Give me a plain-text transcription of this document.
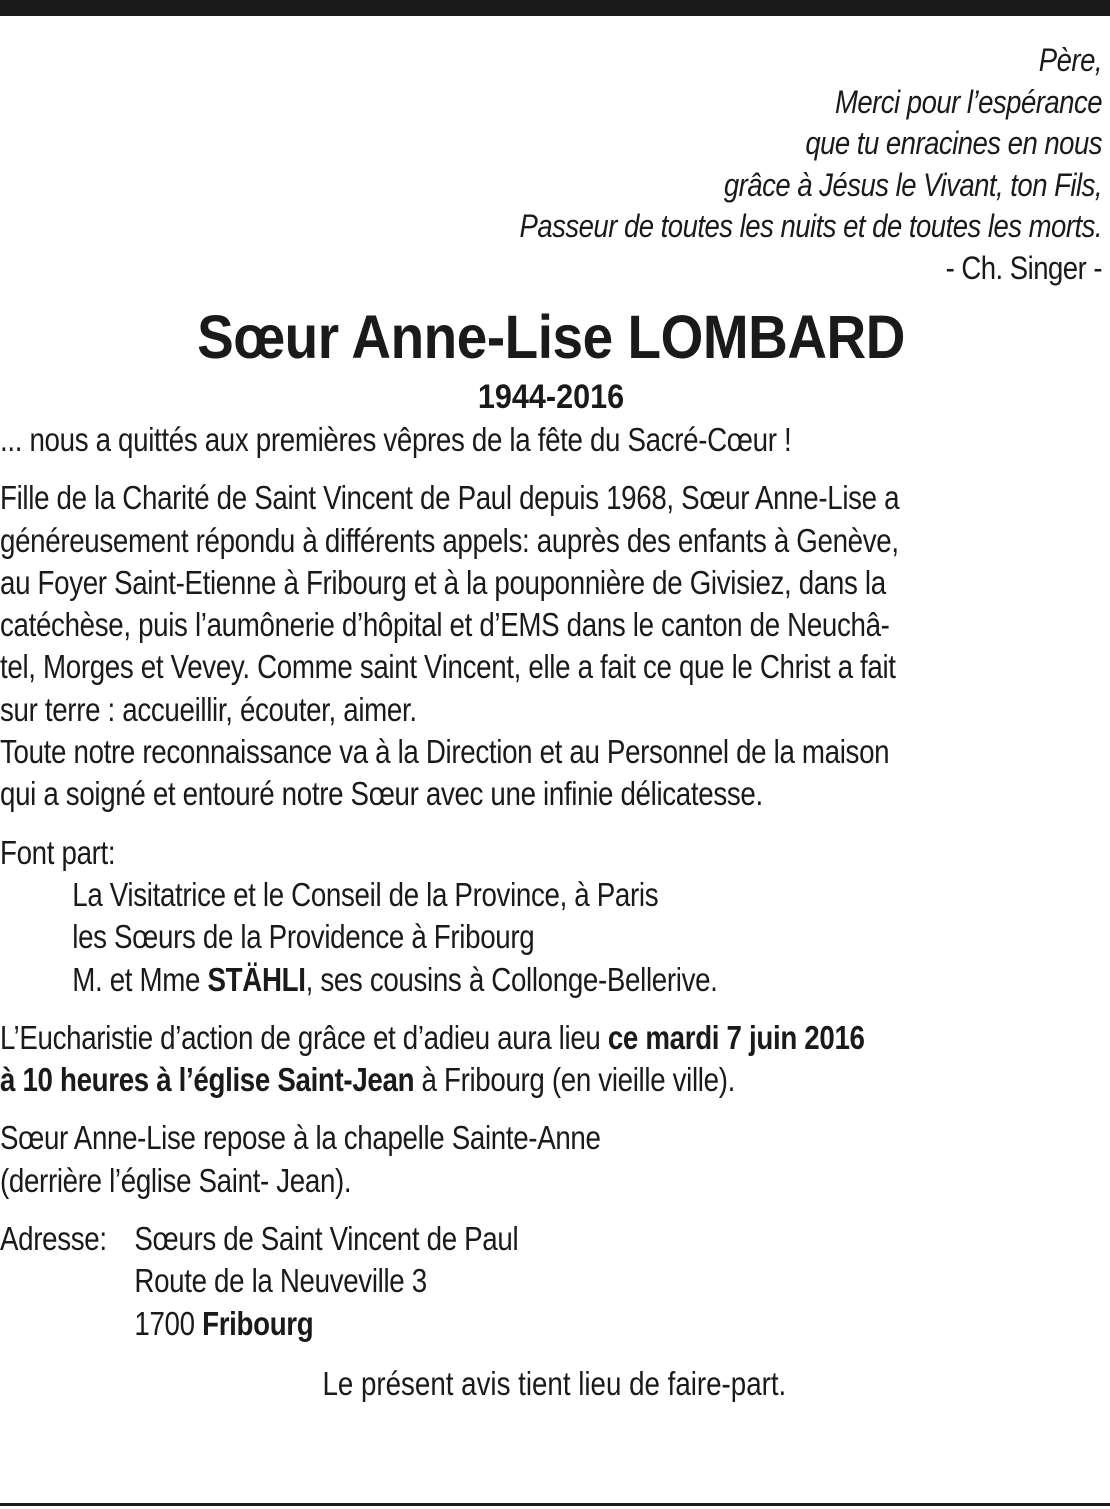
Père,
Merci pour l’espérance
que tu enracines en nous
grâce à Jésus le Vivant, ton Fils,
Passeur de toutes les nuits et de toutes les morts.
- Ch. Singer -
Sœur Anne-Lise LOMBARD
1944-2016

... nous a quittés aux premières vêpres de la fête du Sacré-Cœur !

Fille de la Charité de Saint Vincent de Paul depuis 1968, Sœur Anne-Lise a
généreusement répondu à différents appels: auprès des enfants à Genève,
au Foyer Saint-Etienne à Fribourg et à la pouponnière de Givisiez, dans la
catéchèse, puis l’aumônerie d’hôpital et d’EMS dans le canton de Neuchâ-
tel, Morges et Vevey. Comme saint Vincent, elle a fait ce que le Christ a fait
sur terre : accueillir, écouter, aimer.
Toute notre reconnaissance va à la Direction et au Personnel de la maison
qui a soigné et entouré notre Sœur avec une infinie délicatesse.
Font part:
La Visitatrice et le Conseil de la Province, à Paris
les Sœurs de la Providence à Fribourg
M. et Mme STÄHLI, ses cousins à Collonge-Bellerive.
L’Eucharistie d’action de grâce et d’adieu aura lieu ce mardi 7 juin 2016
à 10 heures à l’église Saint-Jean à Fribourg (en vieille ville).
Sœur Anne-Lise repose à la chapelle Sainte-Anne
(derrière l’église Saint- Jean).
Adresse: Sœurs de Saint Vincent de Paul
Route de la Neuveville 3
1700 Fribourg
Le présent avis tient lieu de faire-part.
